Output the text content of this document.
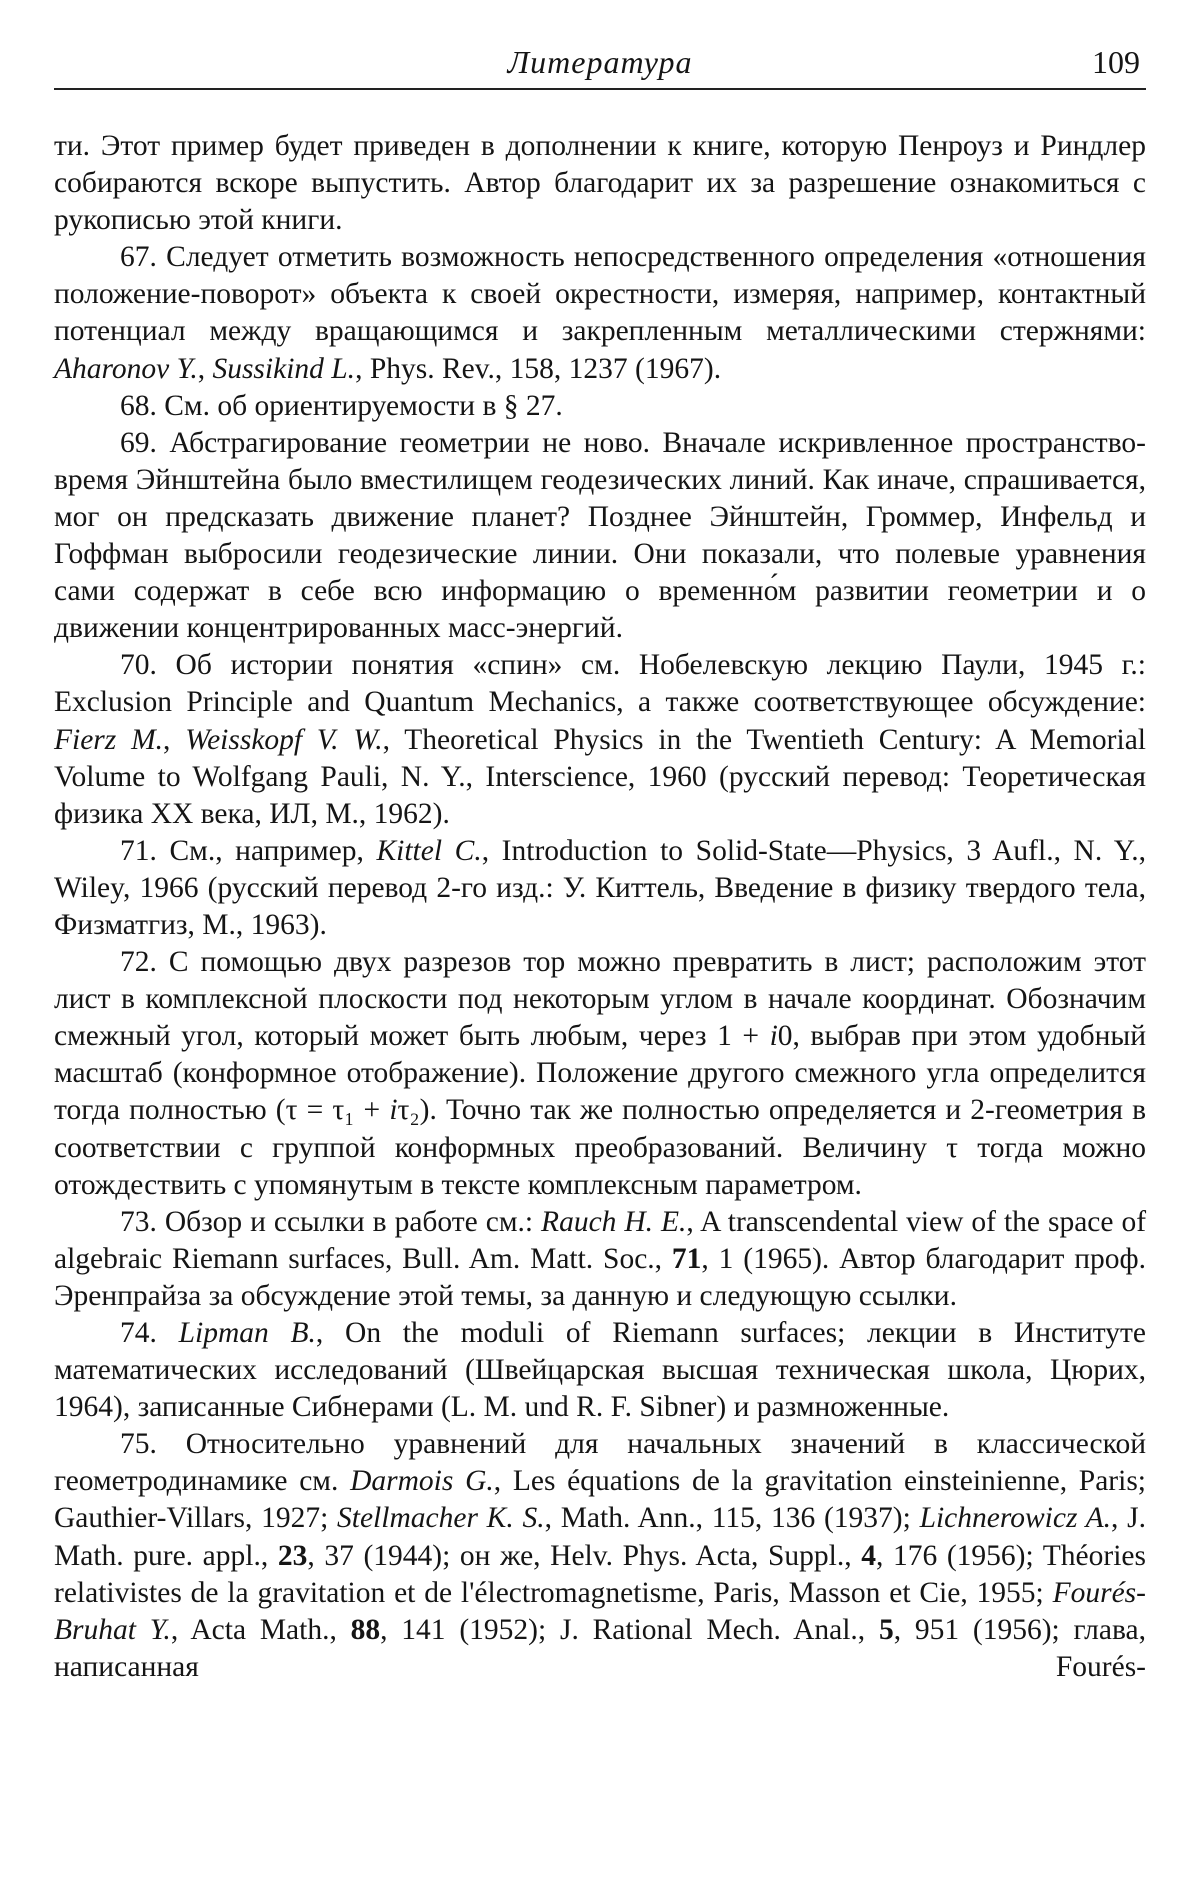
Литература	109

ти. Этот пример будет приведен в дополнении к книге, которую Пенроуз и Риндлер собираются вскоре выпустить. Автор благодарит их за разрешение ознакомиться с рукописью этой книги.

67. Следует отметить возможность непосредственного определения «отношения положение-поворот» объекта к своей окрестности, измеряя, например, контактный потенциал между вращающимся и закрепленным металлическими стержнями: Aharonov Y., Sussikind L., Phys. Rev., 158, 1237 (1967).

68. См. об ориентируемости в § 27.

69. Абстрагирование геометрии не ново. Вначале искривленное пространство-время Эйнштейна было вместилищем геодезических линий. Как иначе, спрашивается, мог он предсказать движение планет? Позднее Эйнштейн, Громмер, Инфельд и Гоффман выбросили геодезические линии. Они показали, что полевые уравнения сами содержат в себе всю информацию о временно́м развитии геометрии и о движении концентрированных масс-энергий.

70. Об истории понятия «спин» см. Нобелевскую лекцию Паули, 1945 г.: Exclusion Principle and Quantum Mechanics, а также соответствующее обсуждение: Fierz M., Weisskopf V. W., Theoretical Physics in the Twentieth Century: A Memorial Volume to Wolfgang Pauli, N. Y., Interscience, 1960 (русский перевод: Теоретическая физика XX века, ИЛ, М., 1962).

71. См., например, Kittel C., Introduction to Solid-State—Physics, 3 Aufl., N. Y., Wiley, 1966 (русский перевод 2-го изд.: У. Киттель, Введение в физику твердого тела, Физматгиз, М., 1963).

72. С помощью двух разрезов тор можно превратить в лист; расположим этот лист в комплексной плоскости под некоторым углом в начале координат. Обозначим смежный угол, который может быть любым, через 1 + i0, выбрав при этом удобный масштаб (конформное отображение). Положение другого смежного угла определится тогда полностью (τ = τ₁ + iτ₂). Точно так же полностью определяется и 2-геометрия в соответствии с группой конформных преобразований. Величину τ тогда можно отождествить с упомянутым в тексте комплексным параметром.

73. Обзор и ссылки в работе см.: Rauch H. E., A transcendental view of the space of algebraic Riemann surfaces, Bull. Am. Matt. Soc., 71, 1 (1965). Автор благодарит проф. Эренпрайза за обсуждение этой темы, за данную и следующую ссылки.

74. Lipman B., On the moduli of Riemann surfaces; лекции в Институте математических исследований (Швейцарская высшая техническая школа, Цюрих, 1964), записанные Сибнерами (L. M. und R. F. Sibner) и размноженные.

75. Относительно уравнений для начальных значений в классической геометродинамике см. Darmois G., Les équations de la gravitation einsteinienne, Paris; Gauthier-Villars, 1927; Stellmacher K. S., Math. Ann., 115, 136 (1937); Lichnerowicz A., J. Math. pure. appl., 23, 37 (1944); он же, Helv. Phys. Acta, Suppl., 4, 176 (1956); Théories relativistes de la gravitation et de l'électromagnetisme, Paris, Masson et Cie, 1955; Fourés-Bruhat Y., Acta Math., 88, 141 (1952); J. Rational Mech. Anal., 5, 951 (1956); глава, написанная Fourés-
